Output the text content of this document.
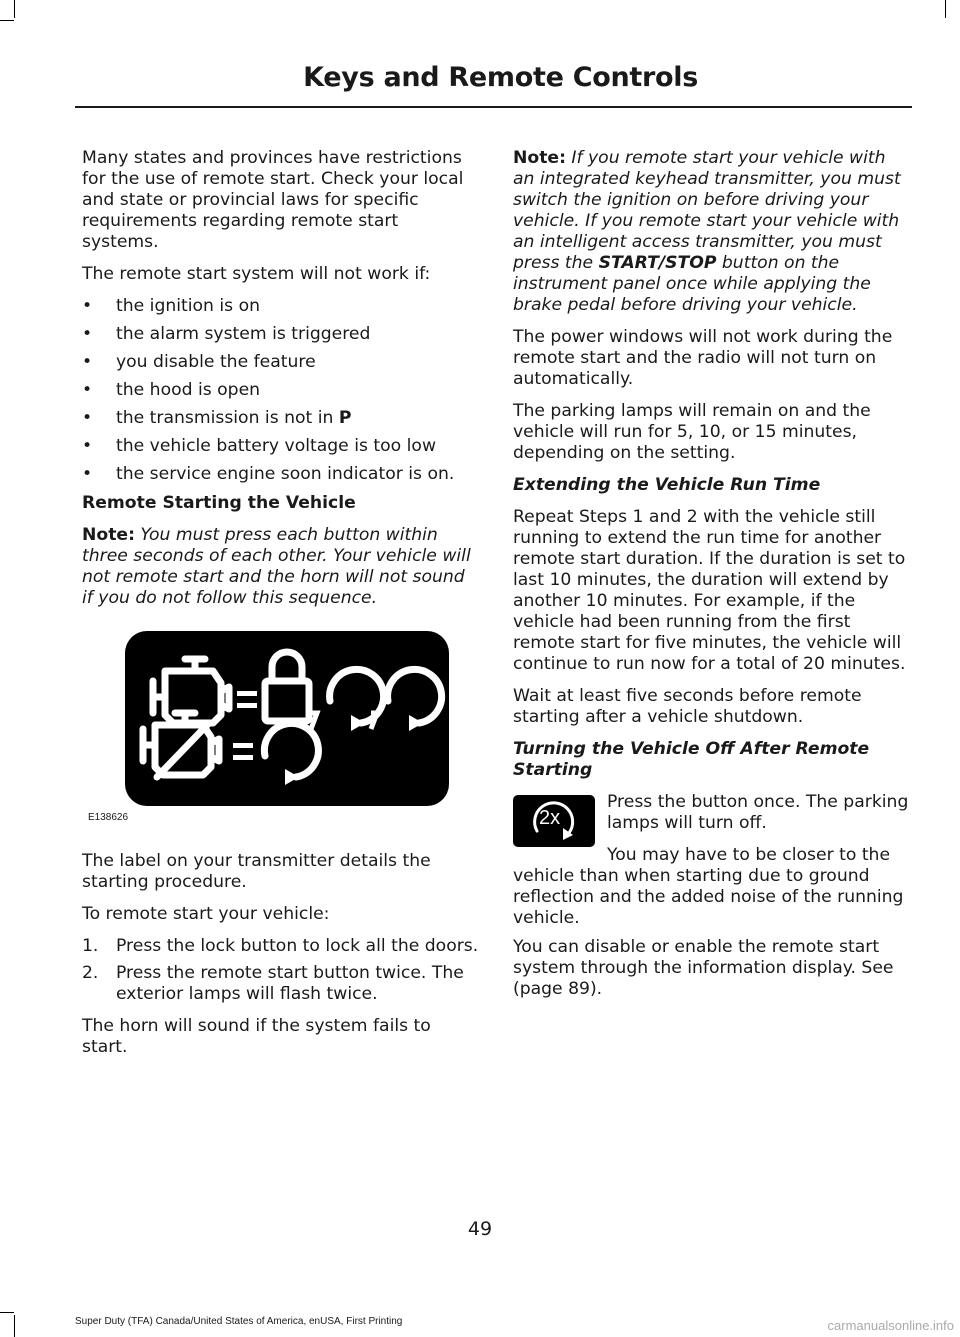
Keys and Remote Controls

Many states and provinces have restrictions for the use of remote start. Check your local and state or provincial laws for specific requirements regarding remote start systems.

The remote start system will not work if:

• the ignition is on
• the alarm system is triggered
• you disable the feature
• the hood is open
• the transmission is not in P
• the vehicle battery voltage is too low
• the service engine soon indicator is on.
Remote Starting the Vehicle

Note: You must press each button within three seconds of each other. Your vehicle will not remote start and the horn will not sound if you do not follow this sequence.

E138626

The label on your transmitter details the starting procedure.

To remote start your vehicle:

1. Press the lock button to lock all the doors.
2. Press the remote start button twice. The exterior lamps will flash twice.

The horn will sound if the system fails to start.

Note: If you remote start your vehicle with an integrated keyhead transmitter, you must switch the ignition on before driving your vehicle. If you remote start your vehicle with an intelligent access transmitter, you must press the START/STOP button on the instrument panel once while applying the brake pedal before driving your vehicle.

The power windows will not work during the remote start and the radio will not turn on automatically.

The parking lamps will remain on and the vehicle will run for 5, 10, or 15 minutes, depending on the setting.

Extending the Vehicle Run Time

Repeat Steps 1 and 2 with the vehicle still running to extend the run time for another remote start duration. If the duration is set to last 10 minutes, the duration will extend by another 10 minutes. For example, if the vehicle had been running from the first remote start for five minutes, the vehicle will continue to run now for a total of 20 minutes.

Wait at least five seconds before remote starting after a vehicle shutdown.

Turning the Vehicle Off After Remote Starting
2x

Press the button once. The parking lamps will turn off.

You may have to be closer to the vehicle than when starting due to ground reflection and the added noise of the running vehicle.

You can disable or enable the remote start system through the information display. See (page 89).

49
Super Duty (TFA) Canada/United States of America, enUSA, First Printing	carmanualsonline.info
